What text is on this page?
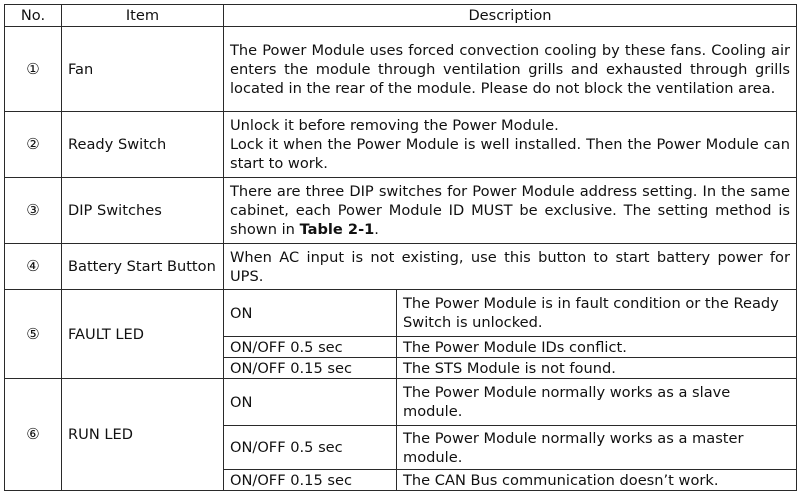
No.	Item	Description	
①	Fan	The Power Module uses forced convection cooling by these fans. Cooling air enters the module through ventilation grills and exhausted through grills located in the rear of the module. Please do not block the ventilation area.	
②	Ready Switch	Unlock it before removing the Power Module.
Lock it when the Power Module is well installed. Then the Power Module can start to work.	
③	DIP Switches	There are three DIP switches for Power Module address setting. In the same cabinet, each Power Module ID MUST be exclusive. The setting method is shown in Table 2-1.	
④	Battery Start Button	When AC input is not existing, use this button to start battery power for UPS.	
⑤	FAULT LED	ON	The Power Module is in fault condition or the Ready Switch is unlocked.
		ON/OFF 0.5 sec	The Power Module IDs conflict.
		ON/OFF 0.15 sec	The STS Module is not found.
⑥	RUN LED	ON	The Power Module normally works as a slave module.
		ON/OFF 0.5 sec	The Power Module normally works as a master module.
		ON/OFF 0.15 sec	The CAN Bus communication doesn’t work.
